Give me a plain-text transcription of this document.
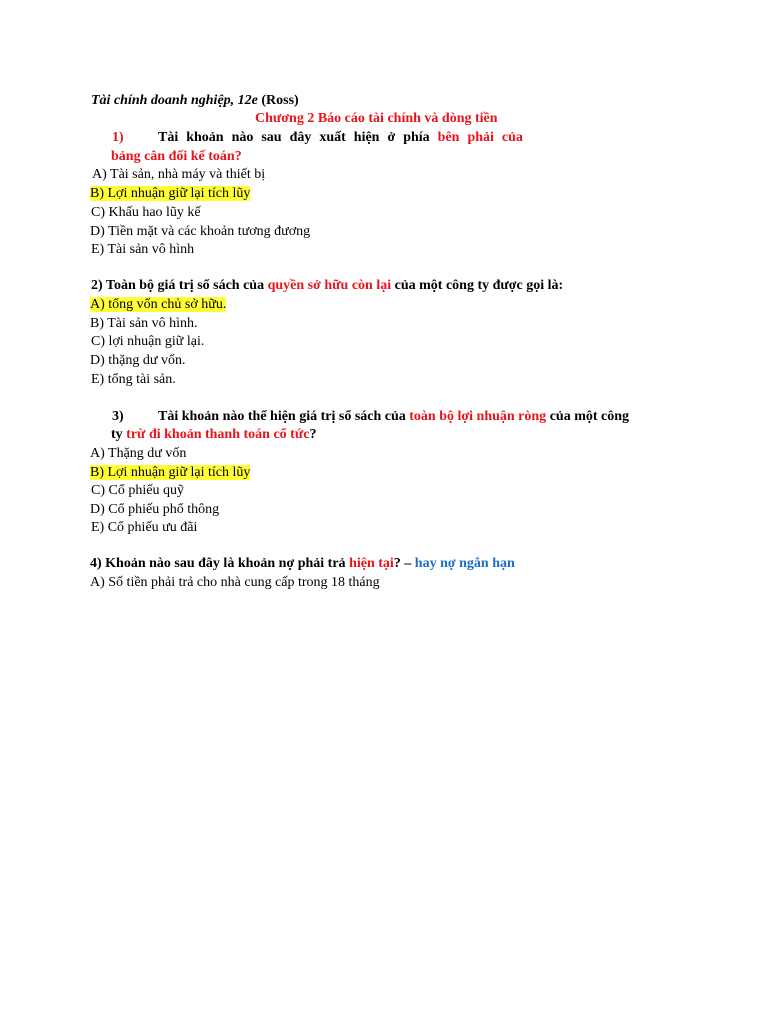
Tài chính doanh nghiệp, 12e (Ross)
Chương 2 Báo cáo tài chính và dòng tiền
1) Tài khoản nào sau đây xuất hiện ở phía bên phải của
bảng cân đối kế toán?
A) Tài sản, nhà máy và thiết bị
B) Lợi nhuận giữ lại tích lũy
C) Khấu hao lũy kế
D) Tiền mặt và các khoản tương đương
E) Tài sản vô hình
2) Toàn bộ giá trị sổ sách của quyền sở hữu còn lại của một công ty được gọi là:
A) tổng vốn chủ sở hữu.
B) Tài sản vô hình.
C) lợi nhuận giữ lại.
D) thặng dư vốn.
E) tổng tài sản.
3) Tài khoản nào thể hiện giá trị sổ sách của toàn bộ lợi nhuận ròng của một công
ty trừ đi khoản thanh toán cổ tức?
A) Thặng dư vốn
B) Lợi nhuận giữ lại tích lũy
C) Cổ phiếu quỹ
D) Cổ phiếu phổ thông
E) Cổ phiếu ưu đãi
4) Khoản nào sau đây là khoản nợ phải trả hiện tại? – hay nợ ngắn hạn
A) Số tiền phải trả cho nhà cung cấp trong 18 tháng
